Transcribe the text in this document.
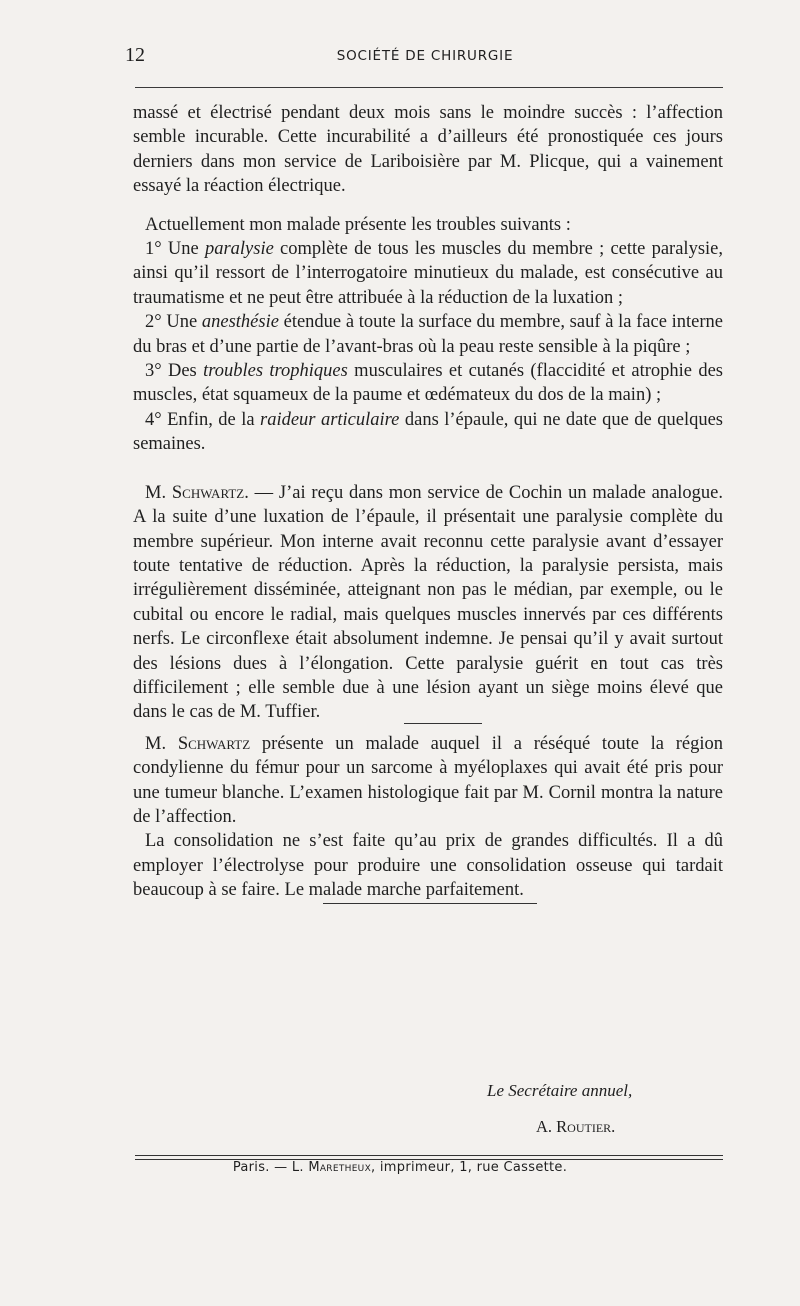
12	SOCIÉTÉ DE CHIRURGIE

massé et électrisé pendant deux mois sans le moindre succès : l’affection semble incurable. Cette incurabilité a d’ailleurs été pronostiquée ces jours derniers dans mon service de Lariboisière par M. Plicque, qui a vainement essayé la réaction électrique.

Actuellement mon malade présente les troubles suivants :

1° Une paralysie complète de tous les muscles du membre ; cette paralysie, ainsi qu’il ressort de l’interrogatoire minutieux du malade, est consécutive au traumatisme et ne peut être attribuée à la réduction de la luxation ;

2° Une anesthésie étendue à toute la surface du membre, sauf à la face interne du bras et d’une partie de l’avant-bras où la peau reste sensible à la piqûre ;

3° Des troubles trophiques musculaires et cutanés (flaccidité et atrophie des muscles, état squameux de la paume et œdémateux du dos de la main) ;

4° Enfin, de la raideur articulaire dans l’épaule, qui ne date que de quelques semaines.

M. Schwartz. — J’ai reçu dans mon service de Cochin un malade analogue. A la suite d’une luxation de l’épaule, il présentait une paralysie complète du membre supérieur. Mon interne avait reconnu cette paralysie avant d’essayer toute tentative de réduction. Après la réduction, la paralysie persista, mais irrégulièrement disséminée, atteignant non pas le médian, par exemple, ou le cubital ou encore le radial, mais quelques muscles innervés par ces différents nerfs. Le circonflexe était absolument indemne. Je pensai qu’il y avait surtout des lésions dues à l’élongation. Cette paralysie guérit en tout cas très difficilement ; elle semble due à une lésion ayant un siège moins élevé que dans le cas de M. Tuffier.

M. Schwartz présente un malade auquel il a réséqué toute la région condylienne du fémur pour un sarcome à myéloplaxes qui avait été pris pour une tumeur blanche. L’examen histologique fait par M. Cornil montra la nature de l’affection.

La consolidation ne s’est faite qu’au prix de grandes difficultés. Il a dû employer l’électrolyse pour produire une consolidation osseuse qui tardait beaucoup à se faire. Le malade marche parfaitement.

Le Secrétaire annuel,
A. Routier.
Paris. — L. Maretheux, imprimeur, 1, rue Cassette.
